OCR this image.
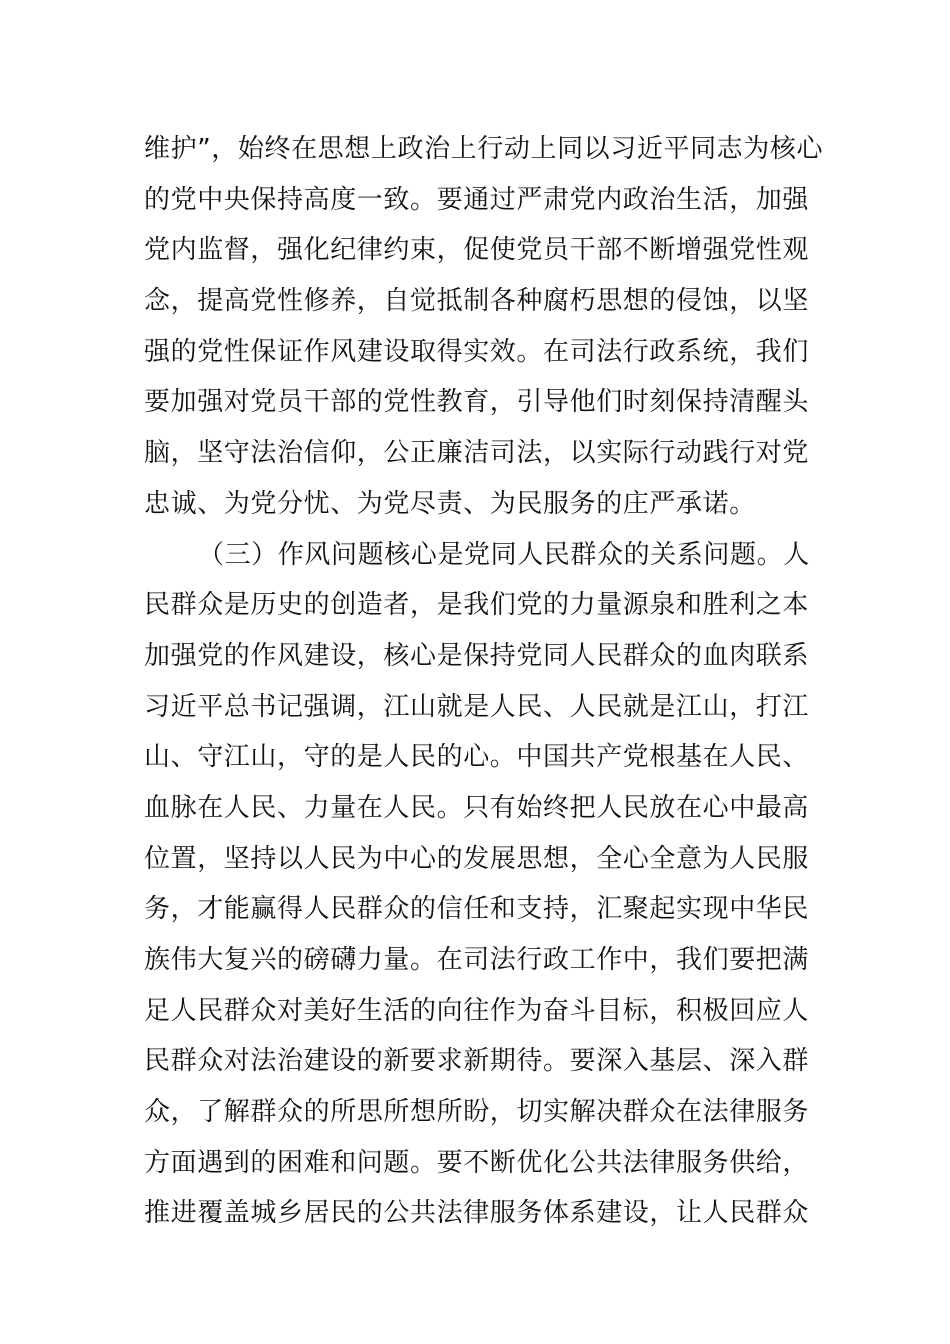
维护”，始终在思想上政治上行动上同以习近平同志为核心
的党中央保持高度一致。要通过严肃党内政治生活，加强
党内监督，强化纪律约束，促使党员干部不断增强党性观
念，提高党性修养，自觉抵制各种腐朽思想的侵蚀，以坚
强的党性保证作风建设取得实效。在司法行政系统，我们
要加强对党员干部的党性教育，引导他们时刻保持清醒头
脑，坚守法治信仰，公正廉洁司法，以实际行动践行对党
忠诚、为党分忧、为党尽责、为民服务的庄严承诺。
（三）作风问题核心是党同人民群众的关系问题。人
民群众是历史的创造者，是我们党的力量源泉和胜利之本
加强党的作风建设，核心是保持党同人民群众的血肉联系
习近平总书记强调，江山就是人民、人民就是江山，打江
山、守江山，守的是人民的心。中国共产党根基在人民、
血脉在人民、力量在人民。只有始终把人民放在心中最高
位置，坚持以人民为中心的发展思想，全心全意为人民服
务，才能赢得人民群众的信任和支持，汇聚起实现中华民
族伟大复兴的磅礴力量。在司法行政工作中，我们要把满
足人民群众对美好生活的向往作为奋斗目标，积极回应人
民群众对法治建设的新要求新期待。要深入基层、深入群
众，了解群众的所思所想所盼，切实解决群众在法律服务
方面遇到的困难和问题。要不断优化公共法律服务供给，
推进覆盖城乡居民的公共法律服务体系建设，让人民群众
